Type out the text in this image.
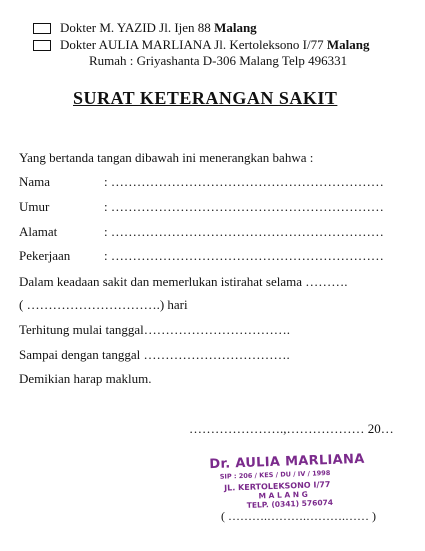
Dokter M. YAZID Jl. Ijen 88 Malang
Dokter AULIA MARLIANA Jl. Kertoleksono I/77 Malang
Rumah : Griyashanta D-306 Malang Telp 496331
SURAT KETERANGAN SAKIT
Yang bertanda tangan dibawah ini menerangkan bahwa :
Nama	: ………………………………………………………
Umur	: ………………………………………………………
Alamat	: ………………………………………………………
Pekerjaan	: ………………………………………………………
Dalam keadaan sakit dan memerlukan istirahat selama ……….
( ………………………….) hari
Terhitung mulai tanggal…………………………….
Sampai dengan tanggal …………………………….
Demikian harap maklum.
………………….,……………… 20…
Dr. AULIA MARLIANA
SIP : 206 / KES / DU / IV / 1998
JL. KERTOLEKSONO I/77
M A L A N G
TELP. (0341) 576074
( ……….……….……….…… )
